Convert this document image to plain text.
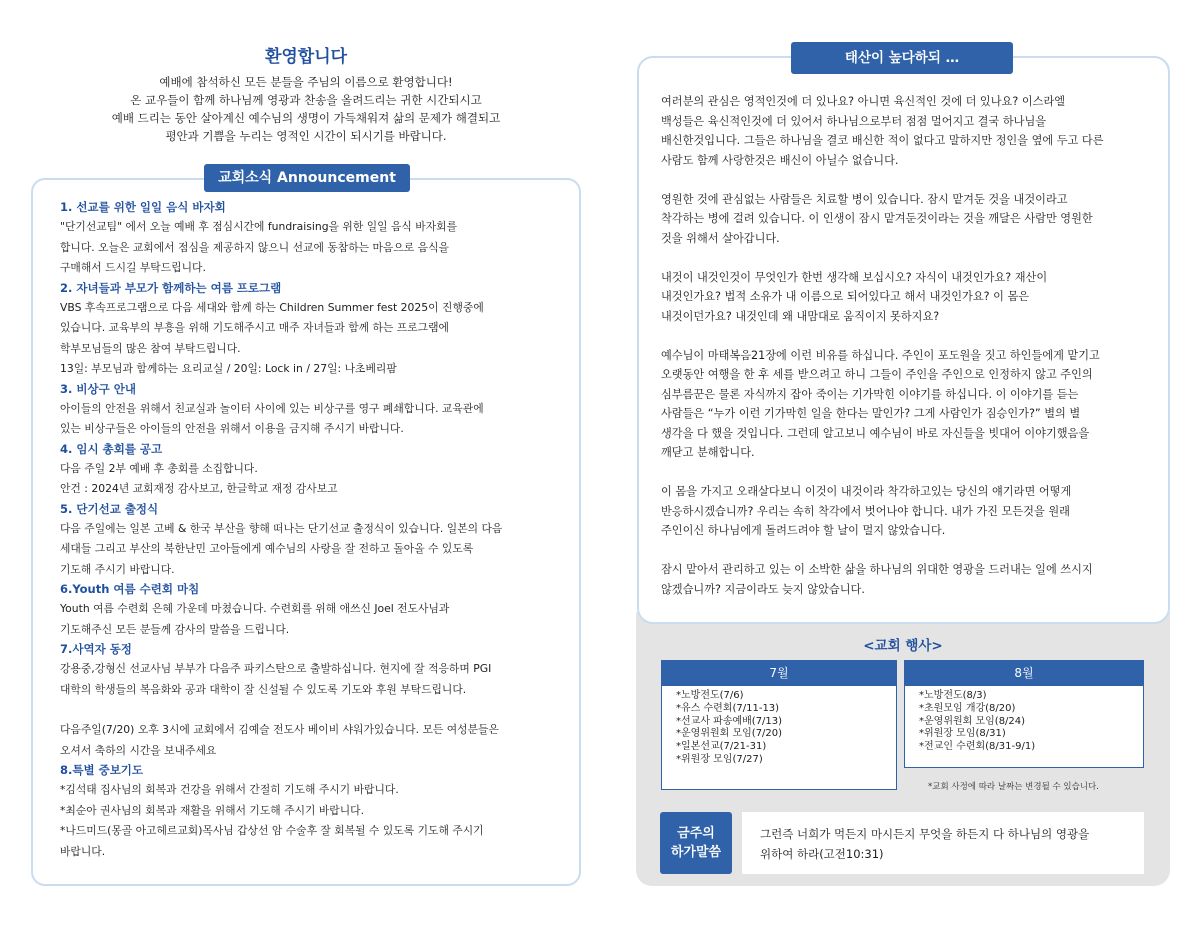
환영합니다

예배에 참석하신 모든 분들을 주님의 이름으로 환영합니다!

온 교우들이 함께 하나님께 영광과 찬송을 올려드리는 귀한 시간되시고

예배 드리는 동안 살아계신 예수님의 생명이 가득채워져 삶의 문제가 해결되고

평안과 기쁨을 누리는 영적인 시간이 되시기를 바랍니다.

교회소식 Announcement
1. 선교를 위한 일일 음식 바자회
"단기선교팀" 에서 오늘 예배 후 점심시간에 fundraising을 위한 일일 음식 바자회를
합니다. 오늘은 교회에서 점심을 제공하지 않으니 선교에 동참하는 마음으로 음식을
구매해서 드시길 부탁드립니다.
2. 자녀들과 부모가 함께하는 여름 프로그램
VBS 후속프로그램으로 다음 세대와 함께 하는 Children Summer fest 2025이 진행중에
있습니다. 교육부의 부흥을 위해 기도해주시고 매주 자녀들과 함께 하는 프로그램에
학부모님들의 많은 참여 부탁드립니다.
13일: 부모님과 함께하는 요리교실 / 20일: Lock in / 27일: 나초베리팜
3. 비상구 안내
아이들의 안전을 위해서 친교실과 놀이터 사이에 있는 비상구를 영구 폐쇄합니다. 교육관에
있는 비상구들은 아이들의 안전을 위해서 이용을 금지해 주시기 바랍니다.
4. 임시 총회를 공고
다음 주일 2부 예배 후 총회를 소집합니다.
안건 : 2024년 교회재정 감사보고, 한글학교 재정 감사보고
5. 단기선교 출정식
다음 주일에는 일본 고베 & 한국 부산을 향해 떠나는 단기선교 출정식이 있습니다. 일본의 다음
세대들 그리고 부산의 북한난민 고아들에게 예수님의 사랑을 잘 전하고 돌아올 수 있도록
기도해 주시기 바랍니다.
6.Youth 여름 수련회 마침
Youth 여름 수련회 은혜 가운데 마쳤습니다. 수련회를 위해 애쓰신 Joel 전도사님과
기도해주신 모든 분들께 감사의 말씀을 드립니다.
7.사역자 동정
강용중,강형신 선교사님 부부가 다음주 파키스탄으로 출발하십니다. 현지에 잘 적응하며 PGI
대학의 학생들의 복음화와 공과 대학이 잘 신설될 수 있도록 기도와 후원 부탁드립니다.
다음주일(7/20) 오후 3시에 교회에서 김예슬 전도사 베이비 샤워가있습니다. 모든 여성분들은
오셔서 축하의 시간을 보내주세요
8.특별 중보기도
*김석태 집사님의 회복과 건강을 위해서 간절히 기도해 주시기 바랍니다.
*최순아 권사님의 회복과 재활을 위해서 기도해 주시기 바랍니다.
*나드미드(몽골 아고헤르교회)목사님 갑상선 암 수술후 잘 회복될 수 있도록 기도해 주시기
바랍니다.
태산이 높다하되 …
여러분의 관심은 영적인것에 더 있나요? 아니면 육신적인 것에 더 있나요? 이스라엘
백성들은 육신적인것에 더 있어서 하나님으로부터 점점 멀어지고 결국 하나님을
배신한것입니다. 그들은 하나님을 결코 배신한 적이 없다고 말하지만 정인을 옆에 두고 다른
사람도 함께 사랑한것은 배신이 아닐수 없습니다.
영원한 것에 관심없는 사람들은 치료할 병이 있습니다. 잠시 맡겨둔 것을 내것이라고
착각하는 병에 걸려 있습니다. 이 인생이 잠시 맡겨둔것이라는 것을 깨달은 사람만 영원한
것을 위해서 살아갑니다.
내것이 내것인것이 무엇인가 한번 생각해 보십시오? 자식이 내것인가요? 재산이
내것인가요? 법적 소유가 내 이름으로 되어있다고 해서 내것인가요? 이 몸은
내것이던가요? 내것인데 왜 내맘대로 움직이지 못하지요?
예수님이 마태복음21장에 이런 비유를 하십니다. 주인이 포도원을 짓고 하인들에게 맡기고
오랫동안 여행을 한 후 세를 받으려고 하니 그들이 주인을 주인으로 인정하지 않고 주인의
심부름꾼은 물론 자식까지 잡아 죽이는 기가막힌 이야기를 하십니다. 이 이야기를 듣는
사람들은 “누가 이런 기가막힌 일을 한다는 말인가? 그게 사람인가 짐승인가?” 별의 별
생각을 다 했을 것입니다. 그런데 알고보니 예수님이 바로 자신들을 빗대어 이야기했음을
깨닫고 분해합니다.
이 몸을 가지고 오래살다보니 이것이 내것이라 착각하고있는 당신의 얘기라면 어떻게
반응하시겠습니까? 우리는 속히 착각에서 벗어나야 합니다. 내가 가진 모든것을 원래
주인이신 하나님에게 돌려드려야 할 날이 멀지 않았습니다.
잠시 맡아서 관리하고 있는 이 소박한 삶을 하나님의 위대한 영광을 드러내는 일에 쓰시지
않겠습니까? 지금이라도 늦지 않았습니다.
<교회 행사>
7월
*노방전도(7/6)
*유스 수련회(7/11-13)
*선교사 파송예배(7/13)
*운영위원회 모임(7/20)
*일본선교(7/21-31)
*위원장 모임(7/27)
8월
*노방전도(8/3)
*초원모임 개강(8/20)
*운영위원회 모임(8/24)
*위원장 모임(8/31)
*전교인 수련회(8/31-9/1)
*교회 사정에 따라 날짜는 변경될 수 있습니다.
금주의
하가말씀
그런즉 너희가 먹든지 마시든지 무엇을 하든지 다 하나님의 영광을
위하여 하라(고전10:31)
